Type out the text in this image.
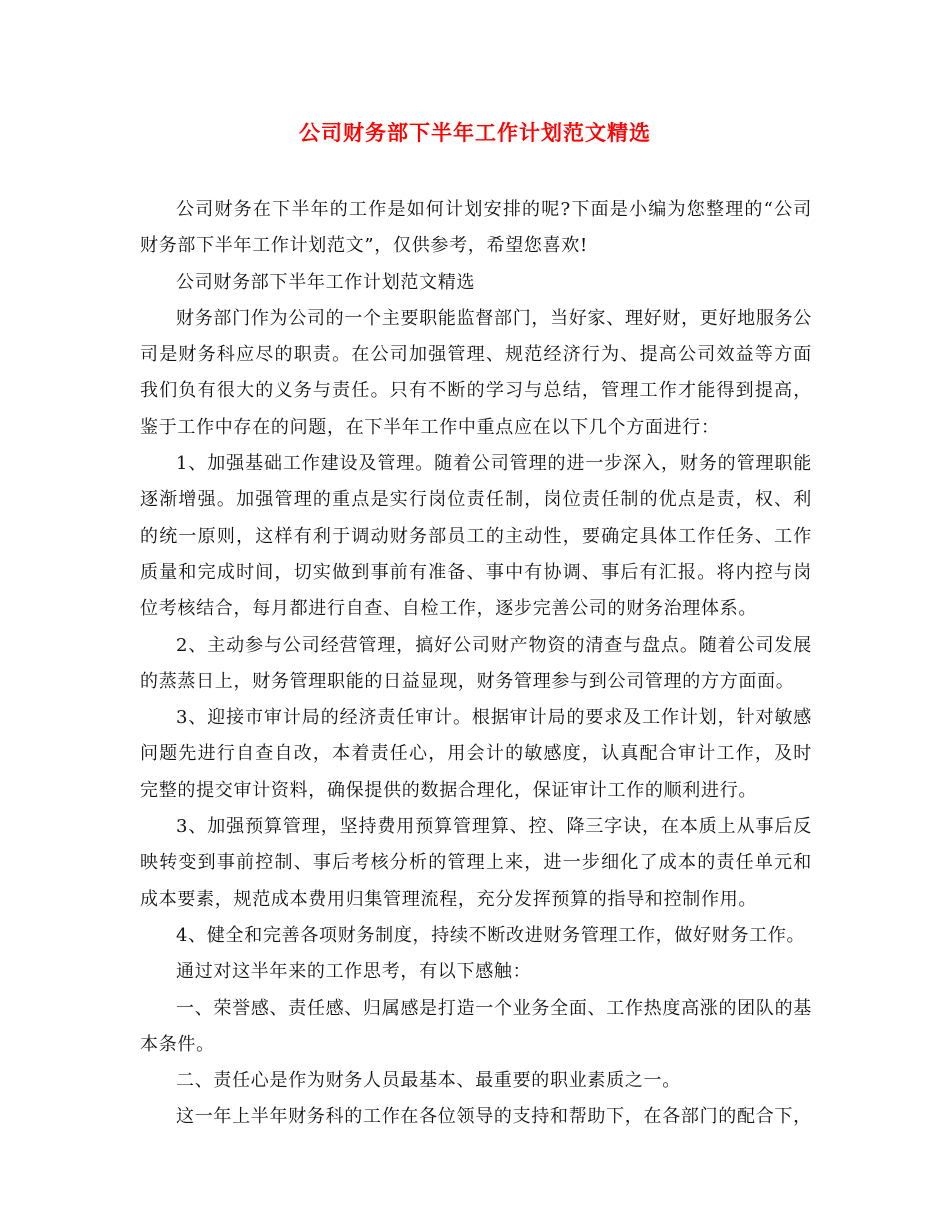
公司财务部下半年工作计划范文精选

公司财务在下半年的工作是如何计划安排的呢?下面是小编为您整理的“公司财务部下半年工作计划范文”，仅供参考，希望您喜欢!

公司财务部下半年工作计划范文精选

财务部门作为公司的一个主要职能监督部门，当好家、理好财，更好地服务公司是财务科应尽的职责。在公司加强管理、规范经济行为、提高公司效益等方面我们负有很大的义务与责任。只有不断的学习与总结，管理工作才能得到提高，鉴于工作中存在的问题，在下半年工作中重点应在以下几个方面进行：

1、加强基础工作建设及管理。随着公司管理的进一步深入，财务的管理职能逐渐增强。加强管理的重点是实行岗位责任制，岗位责任制的优点是责，权、利的统一原则，这样有利于调动财务部员工的主动性，要确定具体工作任务、工作质量和完成时间，切实做到事前有准备、事中有协调、事后有汇报。将内控与岗位考核结合，每月都进行自查、自检工作，逐步完善公司的财务治理体系。

2、主动参与公司经营管理，搞好公司财产物资的清查与盘点。随着公司发展的蒸蒸日上，财务管理职能的日益显现，财务管理参与到公司管理的方方面面。

3、迎接市审计局的经济责任审计。根据审计局的要求及工作计划，针对敏感问题先进行自查自改，本着责任心，用会计的敏感度，认真配合审计工作，及时完整的提交审计资料，确保提供的数据合理化，保证审计工作的顺利进行。

3、加强预算管理，坚持费用预算管理算、控、降三字诀，在本质上从事后反映转变到事前控制、事后考核分析的管理上来，进一步细化了成本的责任单元和成本要素，规范成本费用归集管理流程，充分发挥预算的指导和控制作用。

4、健全和完善各项财务制度，持续不断改进财务管理工作，做好财务工作。

通过对这半年来的工作思考，有以下感触：

一、荣誉感、责任感、归属感是打造一个业务全面、工作热度高涨的团队的基本条件。

二、责任心是作为财务人员最基本、最重要的职业素质之一。

这一年上半年财务科的工作在各位领导的支持和帮助下，在各部门的配合下，
